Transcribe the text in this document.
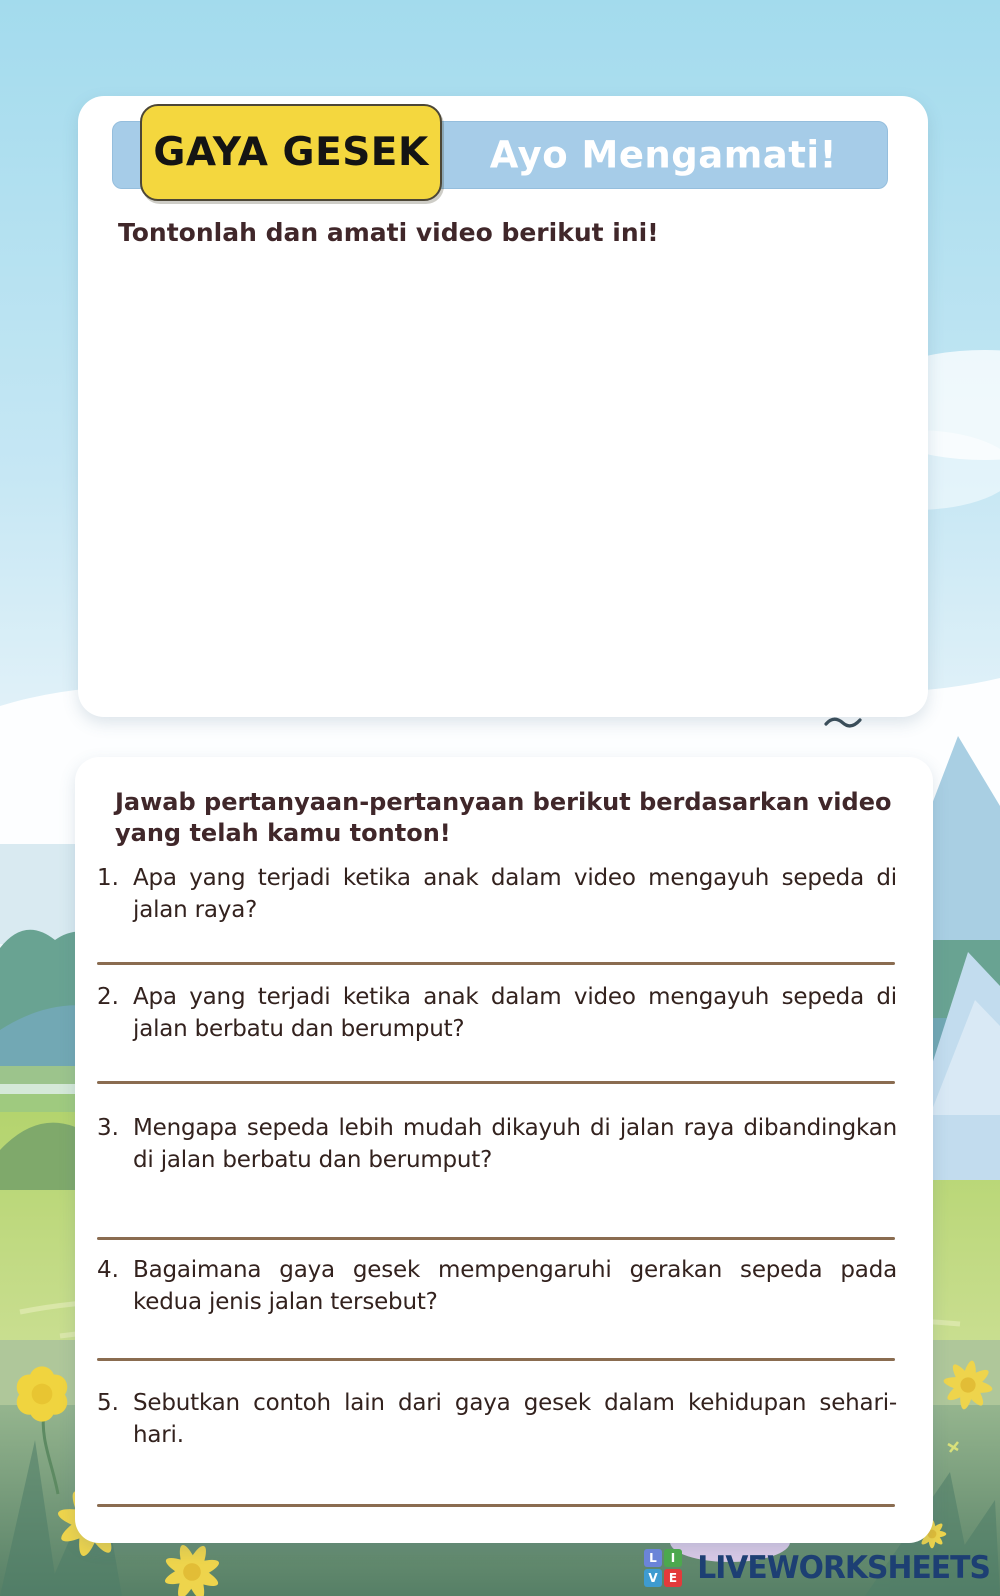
Ayo Mengamati!
GAYA GESEK

Tontonlah dan amati video berikut ini!

Jawab pertanyaan-pertanyaan berikut berdasarkan video
yang telah kamu tonton!

1. Apa yang terjadi ketika anak dalam video mengayuh sepeda di jalan raya?
2. Apa yang terjadi ketika anak dalam video mengayuh sepeda di jalan berbatu dan berumput?
3. Mengapa sepeda lebih mudah dikayuh di jalan raya dibandingkan di jalan berbatu dan berumput?
4. Bagaimana gaya gesek mempengaruhi gerakan sepeda pada kedua jenis jalan tersebut?
5. Sebutkan contoh lain dari gaya gesek dalam kehidupan sehari-hari.
L	I
V E LIVEWORKSHEETS
